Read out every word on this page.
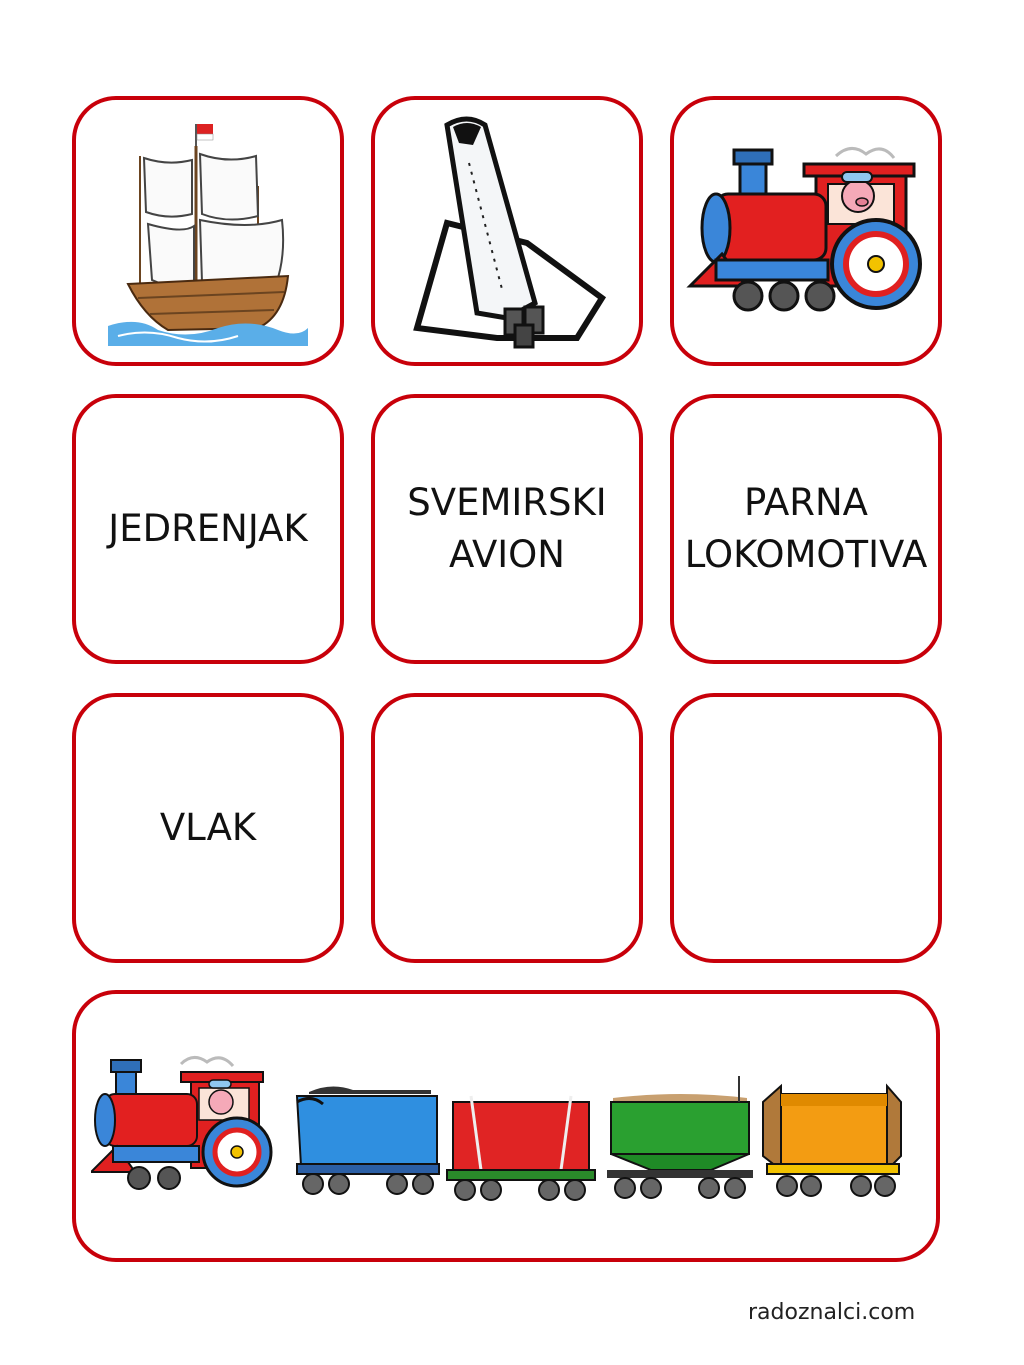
JEDRENJAK
SVEMIRSKI
AVION
PARNA
LOKOMOTIVA
VLAK
radoznalci.com
